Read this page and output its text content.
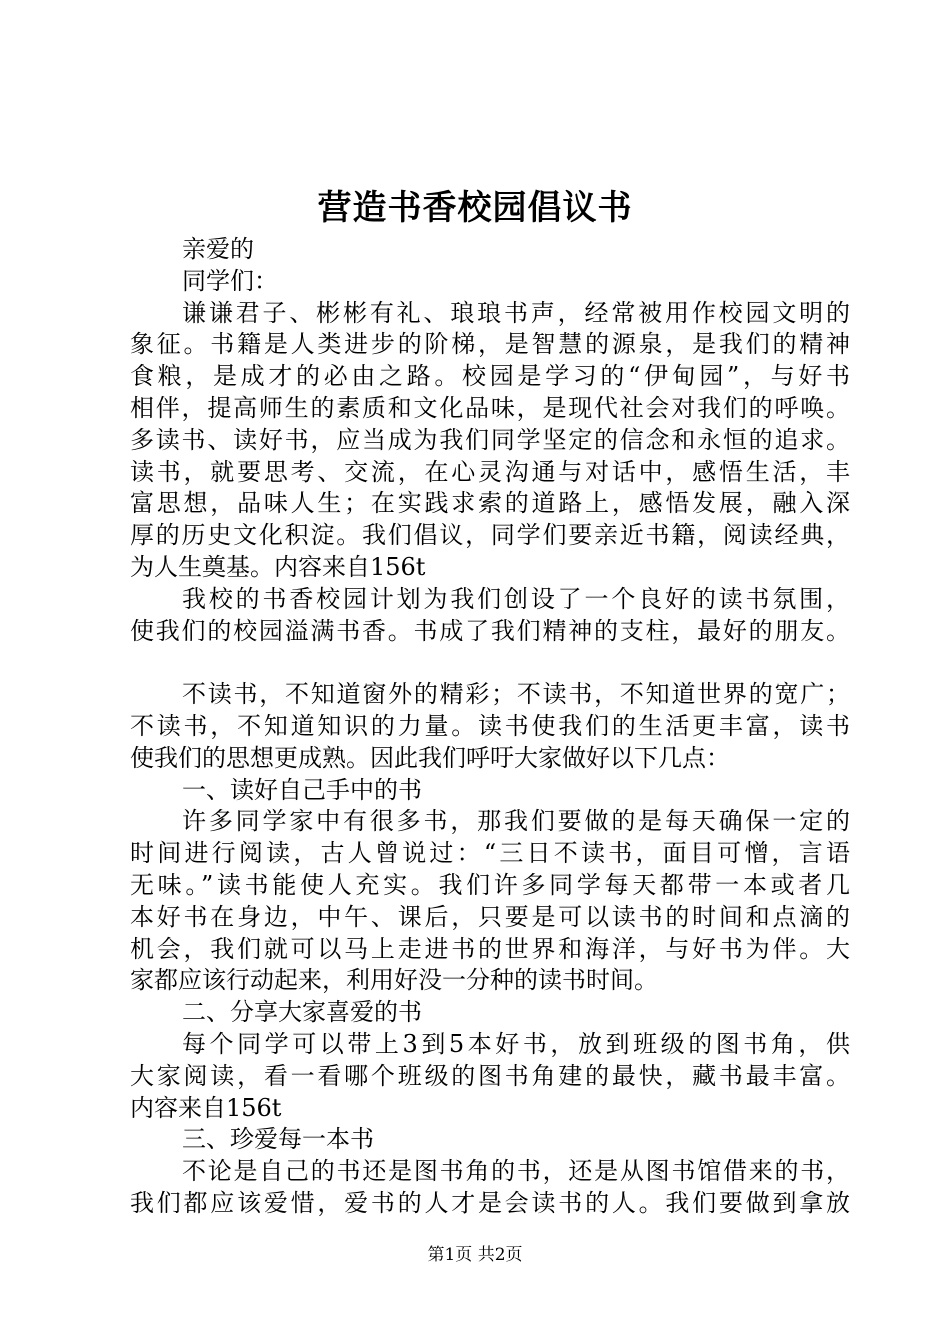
营造书香校园倡议书
亲爱的
同学们：
谦谦君子、彬彬有礼、琅琅书声，经常被用作校园文明的
象征。书籍是人类进步的阶梯，是智慧的源泉，是我们的精神
食粮，是成才的必由之路。校园是学习的“伊甸园”，与好书
相伴，提高师生的素质和文化品味，是现代社会对我们的呼唤。
多读书、读好书，应当成为我们同学坚定的信念和永恒的追求。
读书，就要思考、交流，在心灵沟通与对话中，感悟生活，丰
富思想，品味人生；在实践求索的道路上，感悟发展，融入深
厚的历史文化积淀。我们倡议，同学们要亲近书籍，阅读经典，
为人生奠基。内容来自156t
我校的书香校园计划为我们创设了一个良好的读书氛围，
使我们的校园溢满书香。书成了我们精神的支柱，最好的朋友。
不读书，不知道窗外的精彩；不读书，不知道世界的宽广；
不读书，不知道知识的力量。读书使我们的生活更丰富，读书
使我们的思想更成熟。因此我们呼吁大家做好以下几点：
一、读好自己手中的书
许多同学家中有很多书，那我们要做的是每天确保一定的
时间进行阅读，古人曾说过：“三日不读书，面目可憎，言语
无味。”读书能使人充实。我们许多同学每天都带一本或者几
本好书在身边，中午、课后，只要是可以读书的时间和点滴的
机会，我们就可以马上走进书的世界和海洋，与好书为伴。大
家都应该行动起来，利用好没一分种的读书时间。
二、分享大家喜爱的书
每个同学可以带上3到5本好书，放到班级的图书角，供
大家阅读，看一看哪个班级的图书角建的最快，藏书最丰富。
内容来自156t
三、珍爱每一本书
不论是自己的书还是图书角的书，还是从图书馆借来的书，
我们都应该爱惜，爱书的人才是会读书的人。我们要做到拿放
第1页 共2页
